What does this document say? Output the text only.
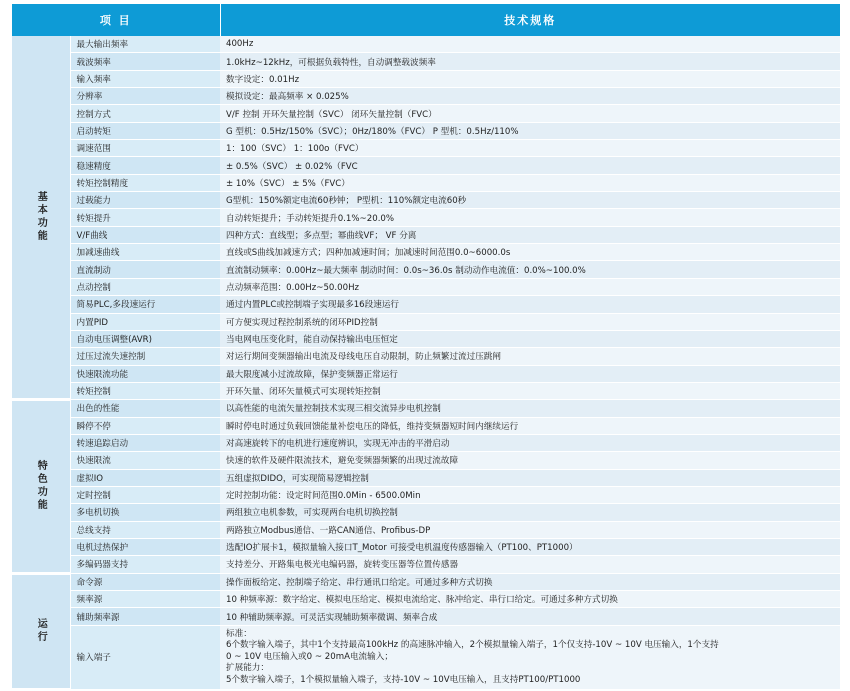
项 目		技术规格
基本功能	最大输出频率	400Hz
	载波频率	1.0kHz~12kHz，可根据负载特性，自动调整载波频率
	输入频率	数字设定：0.01Hz
	分辨率	模拟设定：最高频率 × 0.025%
	控制方式	V/F 控制 开环矢量控制（SVC） 闭环矢量控制（FVC）
	启动转矩	G 型机：0.5Hz/150%（SVC）；0Hz/180%（FVC） P 型机：0.5Hz/110%
	调速范围	1：100（SVC） 1：100o（FVC）
	稳速精度	± 0.5%（SVC） ± 0.02%（FVC
	转矩控制精度	± 10%（SVC） ± 5%（FVC）
	过载能力	G型机：150%额定电流60秒钟； P型机：110%额定电流60秒
	转矩提升	自动转矩提升；手动转矩提升0.1%~20.0%
	V/F曲线	四种方式：直线型；多点型；幂曲线VF； VF 分离
	加减速曲线	直线或S曲线加减速方式；四种加减速时间；加减速时间范围0.0~6000.0s
	直流制动	直流制动频率：0.00Hz~最大频率 制动时间：0.0s~36.0s 制动动作电流值：0.0%~100.0%
	点动控制	点动频率范围：0.00Hz~50.00Hz
	简易PLC,多段速运行	通过内置PLC或控制端子实现最多16段速运行
	内置PID	可方便实现过程控制系统的闭环PID控制
	自动电压调整(AVR)	当电网电压变化时，能自动保持输出电压恒定
	过压过流失速控制	对运行期间变频器输出电流及母线电压自动限制，防止频繁过流过压跳闸
	快速限流功能	最大限度减小过流故障，保护变频器正常运行
	转矩控制	开环矢量、闭环矢量模式可实现转矩控制
特色功能	出色的性能	以高性能的电流矢量控制技术实现三相交流异步电机控制
	瞬停不停	瞬时停电时通过负载回馈能量补偿电压的降低，维持变频器短时间内继续运行
	转速追踪启动	对高速旋转下的电机进行速度辨识，实现无冲击的平滑启动
	快速限流	快速的软件及硬件限流技术，避免变频器频繁的出现过流故障
	虚拟IO	五组虚拟DIDO，可实现简易逻辑控制
	定时控制	定时控制功能：设定时间范围0.0Min - 6500.0Min
	多电机切换	两组独立电机参数，可实现两台电机切换控制
	总线支持	两路独立Modbus通信、一路CAN通信、Profibus-DP
	电机过热保护	选配IO扩展卡1，模拟量输入接口T_Motor 可接受电机温度传感器输入（PT100、PT1000）
	多编码器支持	支持差分、开路集电极光电编码器，旋转变压器等位置传感器
运行	命令源	操作面板给定、控制端子给定、串行通讯口给定。可通过多种方式切换
	频率源	10 种频率源：数字给定、模拟电压给定、模拟电流给定、脉冲给定、串行口给定。可通过多种方式切换
	辅助频率源	10 种辅助频率源。可灵活实现辅助频率微调、频率合成
	输入端子	标准：
6个数字输入端子，其中1个支持最高100kHz 的高速脉冲输入，2个模拟量输入端子，1个仅支持-10V ~ 10V 电压输入，1个支持
0 ~ 10V 电压输入或0 ~ 20mA电流输入；
扩展能力：
5个数字输入端子，1个模拟量输入端子，支持-10V ~ 10V电压输入，且支持PT100/PT1000
